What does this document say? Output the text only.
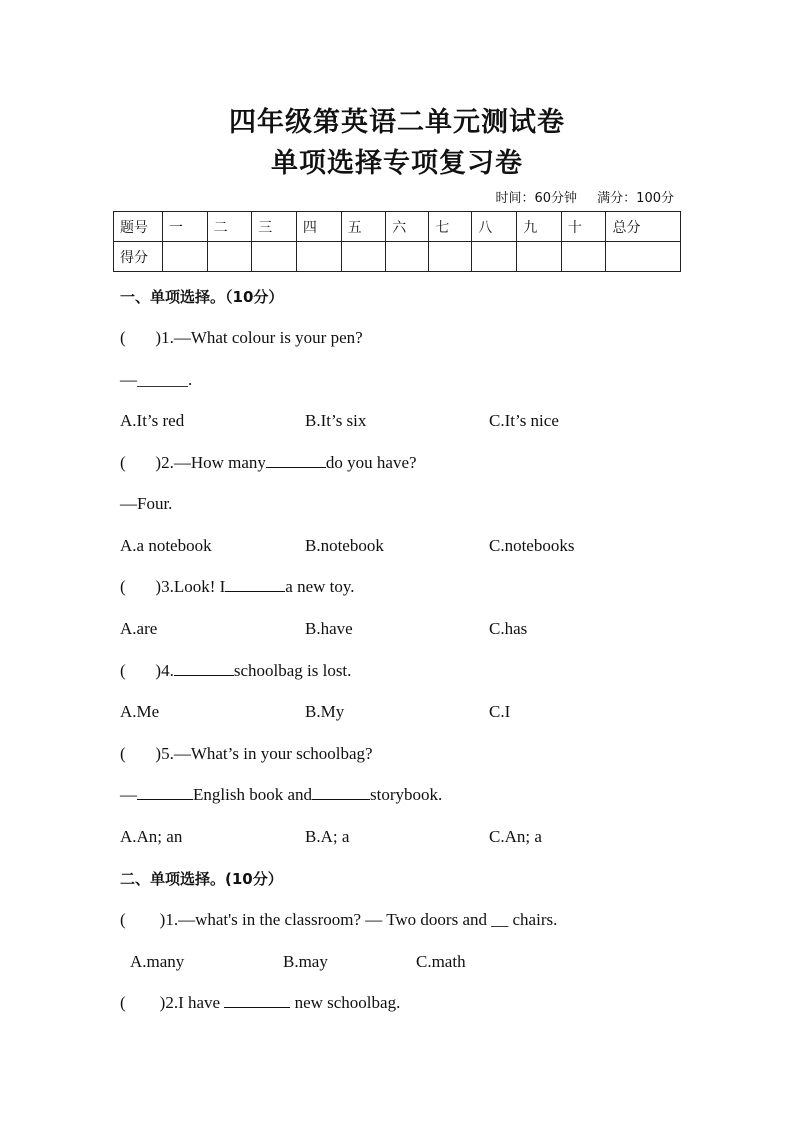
四年级第英语二单元测试卷
单项选择专项复习卷
时间：60分钟 满分：100分
题号	一	二	三	四	五	六	七	八	九	十	总分
得分											
一、单项选择。（10分）
(       )1.—What colour is your pen?
—______.
A.It’s red	B.It’s six	C.It’s nice
(       )2.—How many	do you have?
—Four.
A.a notebook	B.notebook	C.notebooks
(       )3.Look! I	a new toy.
A.are	B.have	C.has
(       )4.	schoolbag is lost.
A.Me	B.My	C.I
(       )5.—What’s in your schoolbag?
—	English book and	storybook.
A.An; an	B.A; a	C.An; a
二、单项选择。(10分）
(        )1.—what's in the classroom? — Two doors and __ chairs.
A.many	B.may	C.math
(        )2.I have	new schoolbag.
